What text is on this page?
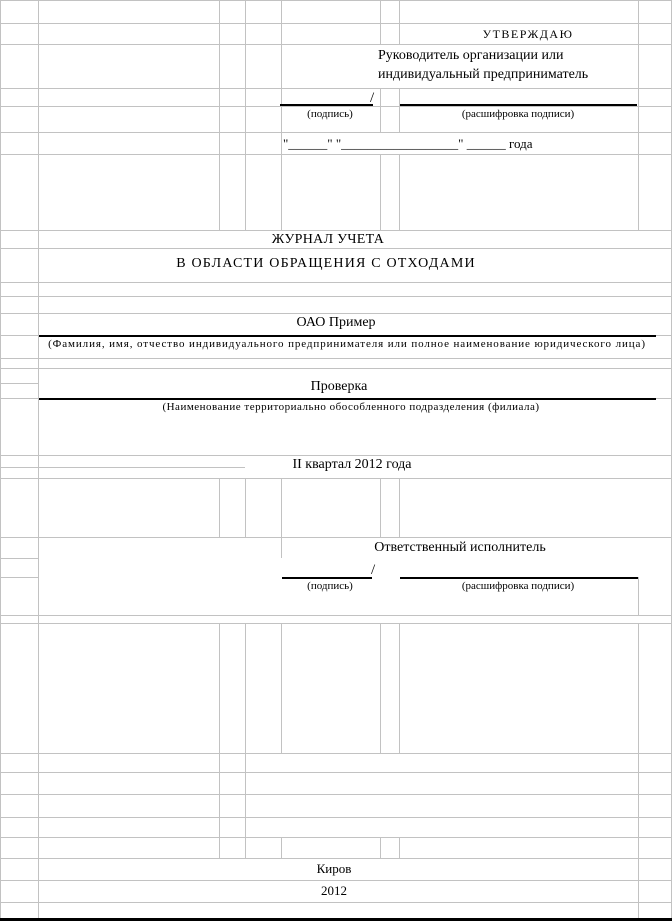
УТВЕРЖДАЮ
Руководитель организации или индивидуальный предприниматель
/
(подпись)	(расшифровка подписи)
"______" "__________________" ______ года
ЖУРНАЛ УЧЕТА
В ОБЛАСТИ ОБРАЩЕНИЯ С ОТХОДАМИ
ОАО Пример
(Фамилия, имя, отчество индивидуального предпринимателя или полное наименование юридического лица)
Проверка
(Наименование территориально обособленного подразделения (филиала)
II квартал 2012 года
Ответственный исполнитель
/
(подпись)	(расшифровка подписи)
Киров
2012
